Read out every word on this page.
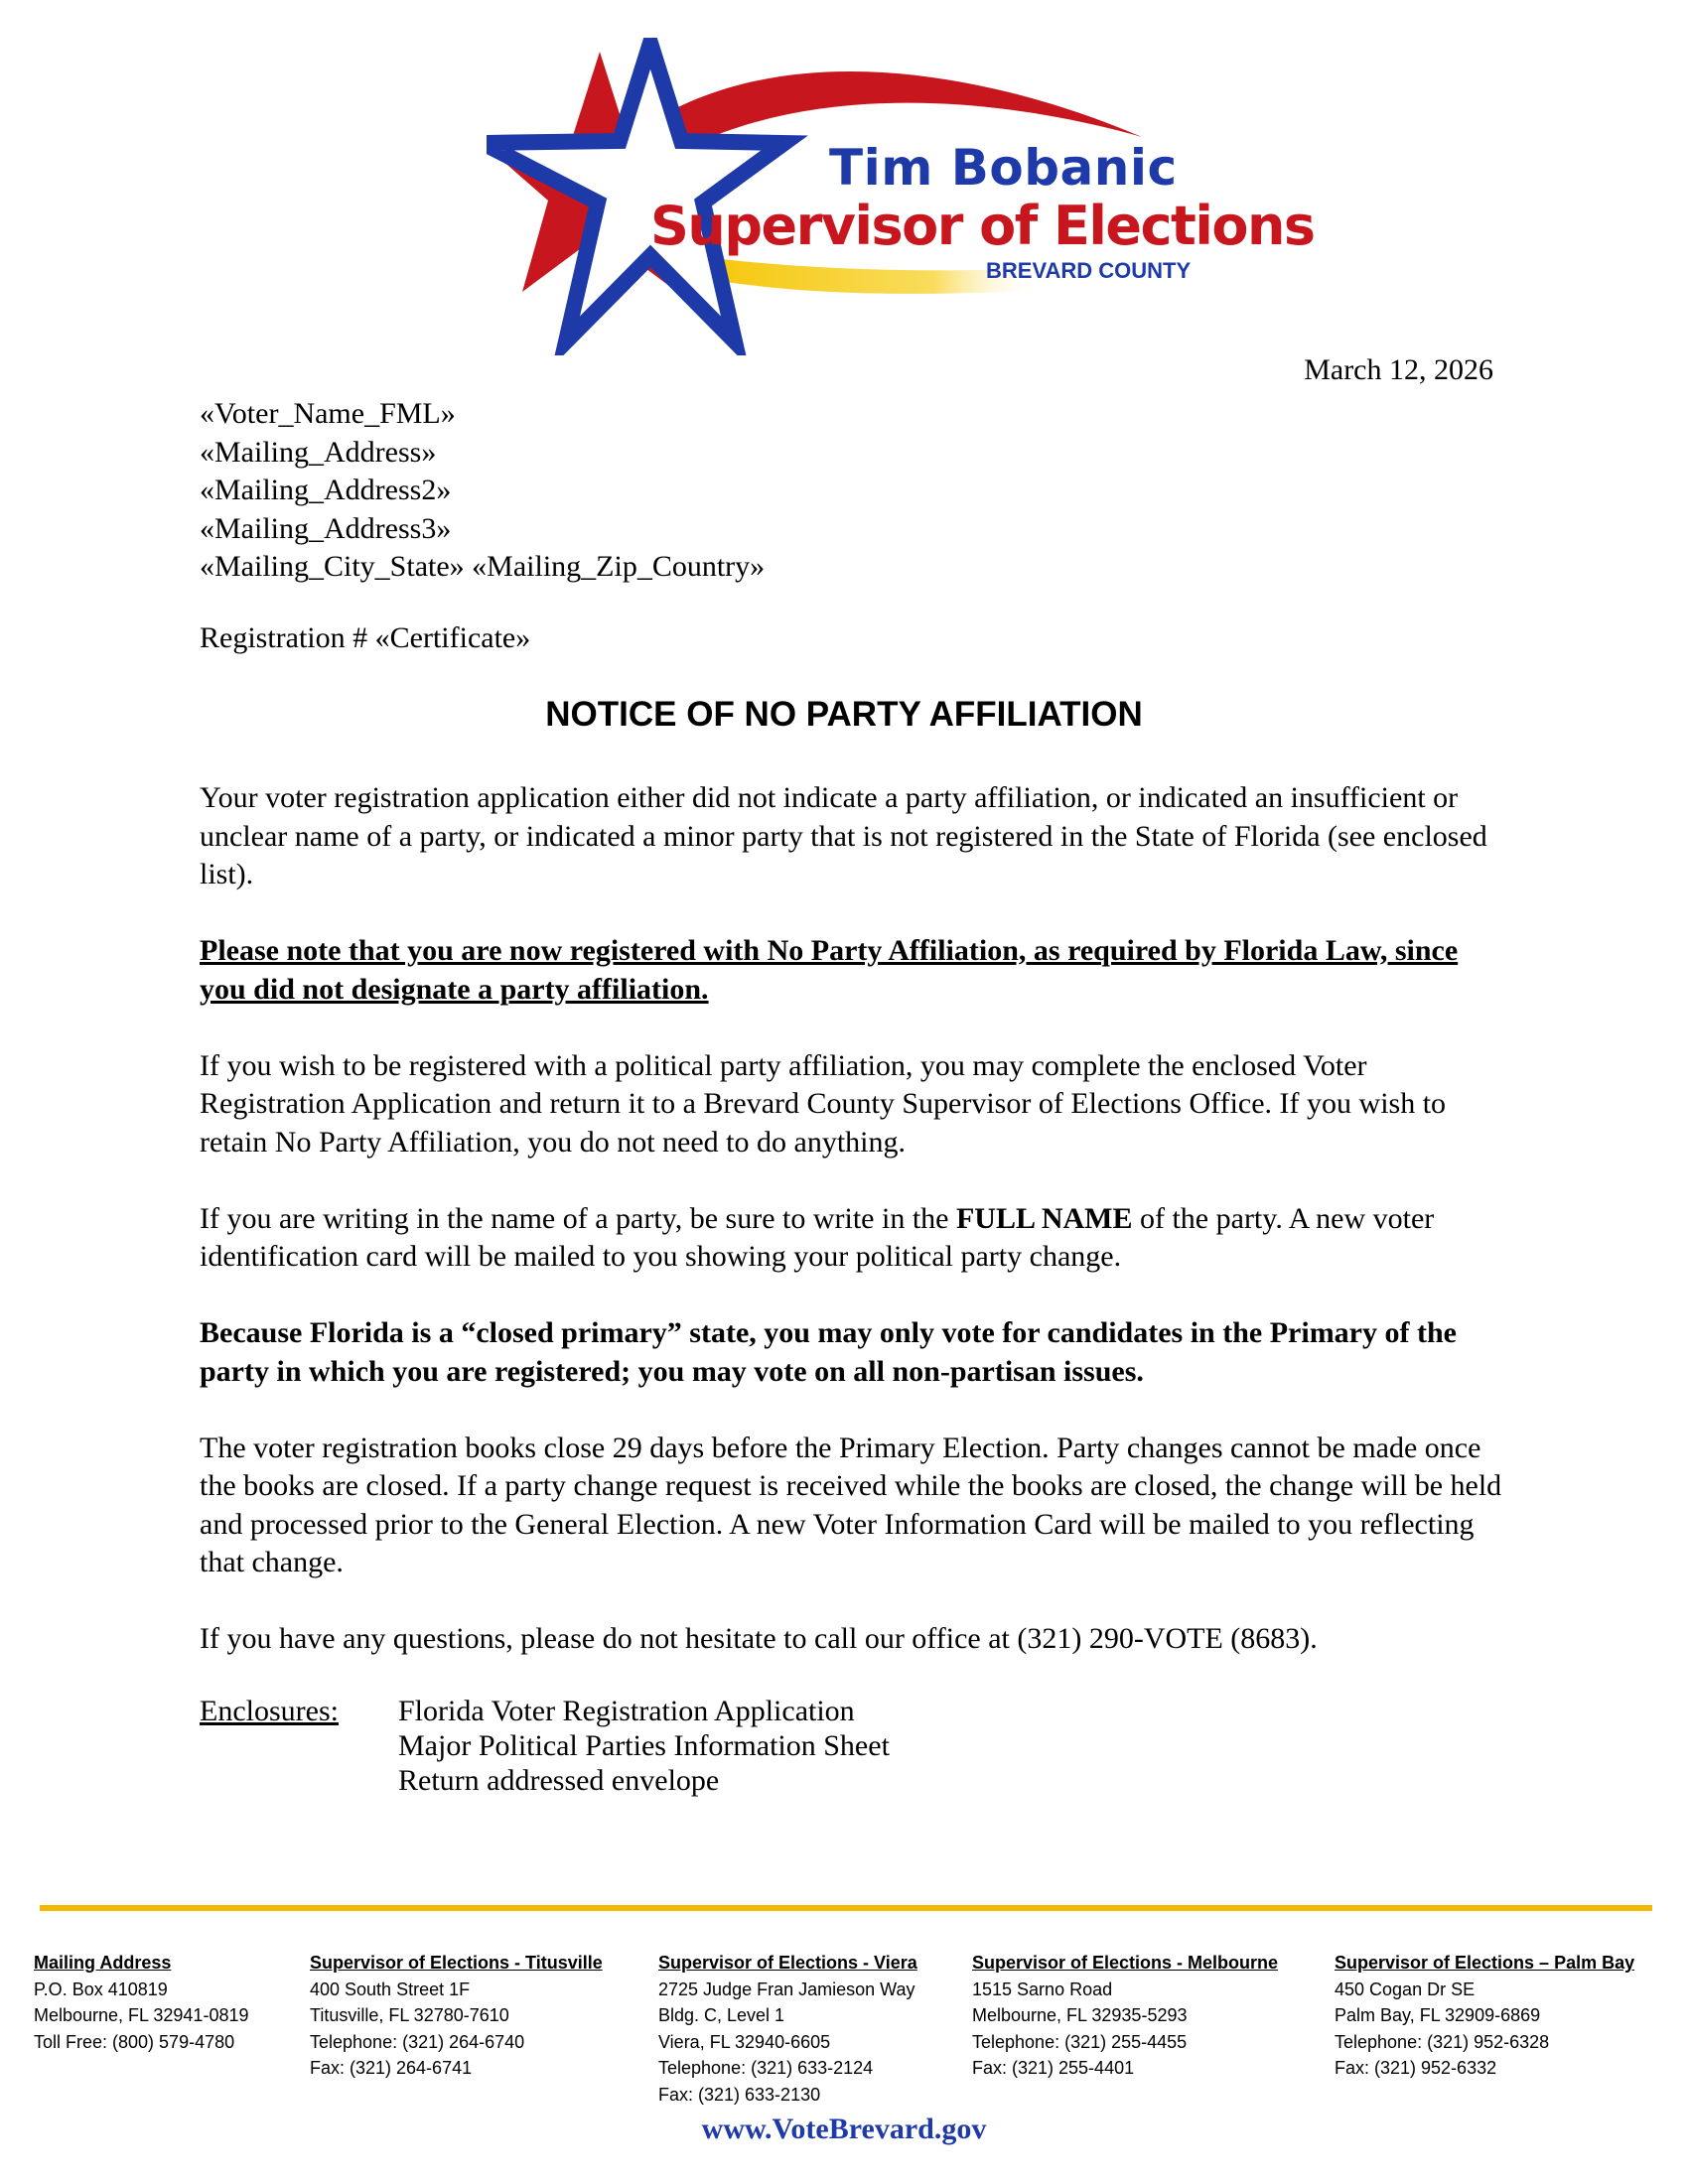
Tim Bobanic
Supervisor of Elections
BREVARD COUNTY
March 12, 2026
«Voter_Name_FML»
«Mailing_Address»
«Mailing_Address2»
«Mailing_Address3»
«Mailing_City_State» «Mailing_Zip_Country»
Registration # «Certificate»
NOTICE OF NO PARTY AFFILIATION

Your voter registration application either did not indicate a party affiliation, or indicated an insufficient or unclear name of a party, or indicated a minor party that is not registered in the State of Florida (see enclosed list).

Please note that you are now registered with No Party Affiliation, as required by Florida Law, since you did not designate a party affiliation.

If you wish to be registered with a political party affiliation, you may complete the enclosed Voter Registration Application and return it to a Brevard County Supervisor of Elections Office. If you wish to retain No Party Affiliation, you do not need to do anything.

If you are writing in the name of a party, be sure to write in the FULL NAME of the party. A new voter identification card will be mailed to you showing your political party change.

Because Florida is a “closed primary” state, you may only vote for candidates in the Primary of the party in which you are registered; you may vote on all non-partisan issues.

The voter registration books close 29 days before the Primary Election. Party changes cannot be made once the books are closed. If a party change request is received while the books are closed, the change will be held and processed prior to the General Election. A new Voter Information Card will be mailed to you reflecting that change.

If you have any questions, please do not hesitate to call our office at (321) 290-VOTE (8683).

Enclosures: Florida Voter Registration Application
Major Political Parties Information Sheet
Return addressed envelope
Mailing Address
P.O. Box 410819
Melbourne, FL 32941-0819
Toll Free: (800) 579-4780
Supervisor of Elections - Titusville
400 South Street 1F
Titusville, FL 32780-7610
Telephone: (321) 264-6740
Fax: (321) 264-6741
Supervisor of Elections - Viera
2725 Judge Fran Jamieson Way
Bldg. C, Level 1
Viera, FL 32940-6605
Telephone: (321) 633-2124
Fax: (321) 633-2130
Supervisor of Elections - Melbourne
1515 Sarno Road
Melbourne, FL 32935-5293
Telephone: (321) 255-4455
Fax: (321) 255-4401
Supervisor of Elections – Palm Bay
450 Cogan Dr SE
Palm Bay, FL 32909-6869
Telephone: (321) 952-6328
Fax: (321) 952-6332
www.VoteBrevard.gov
